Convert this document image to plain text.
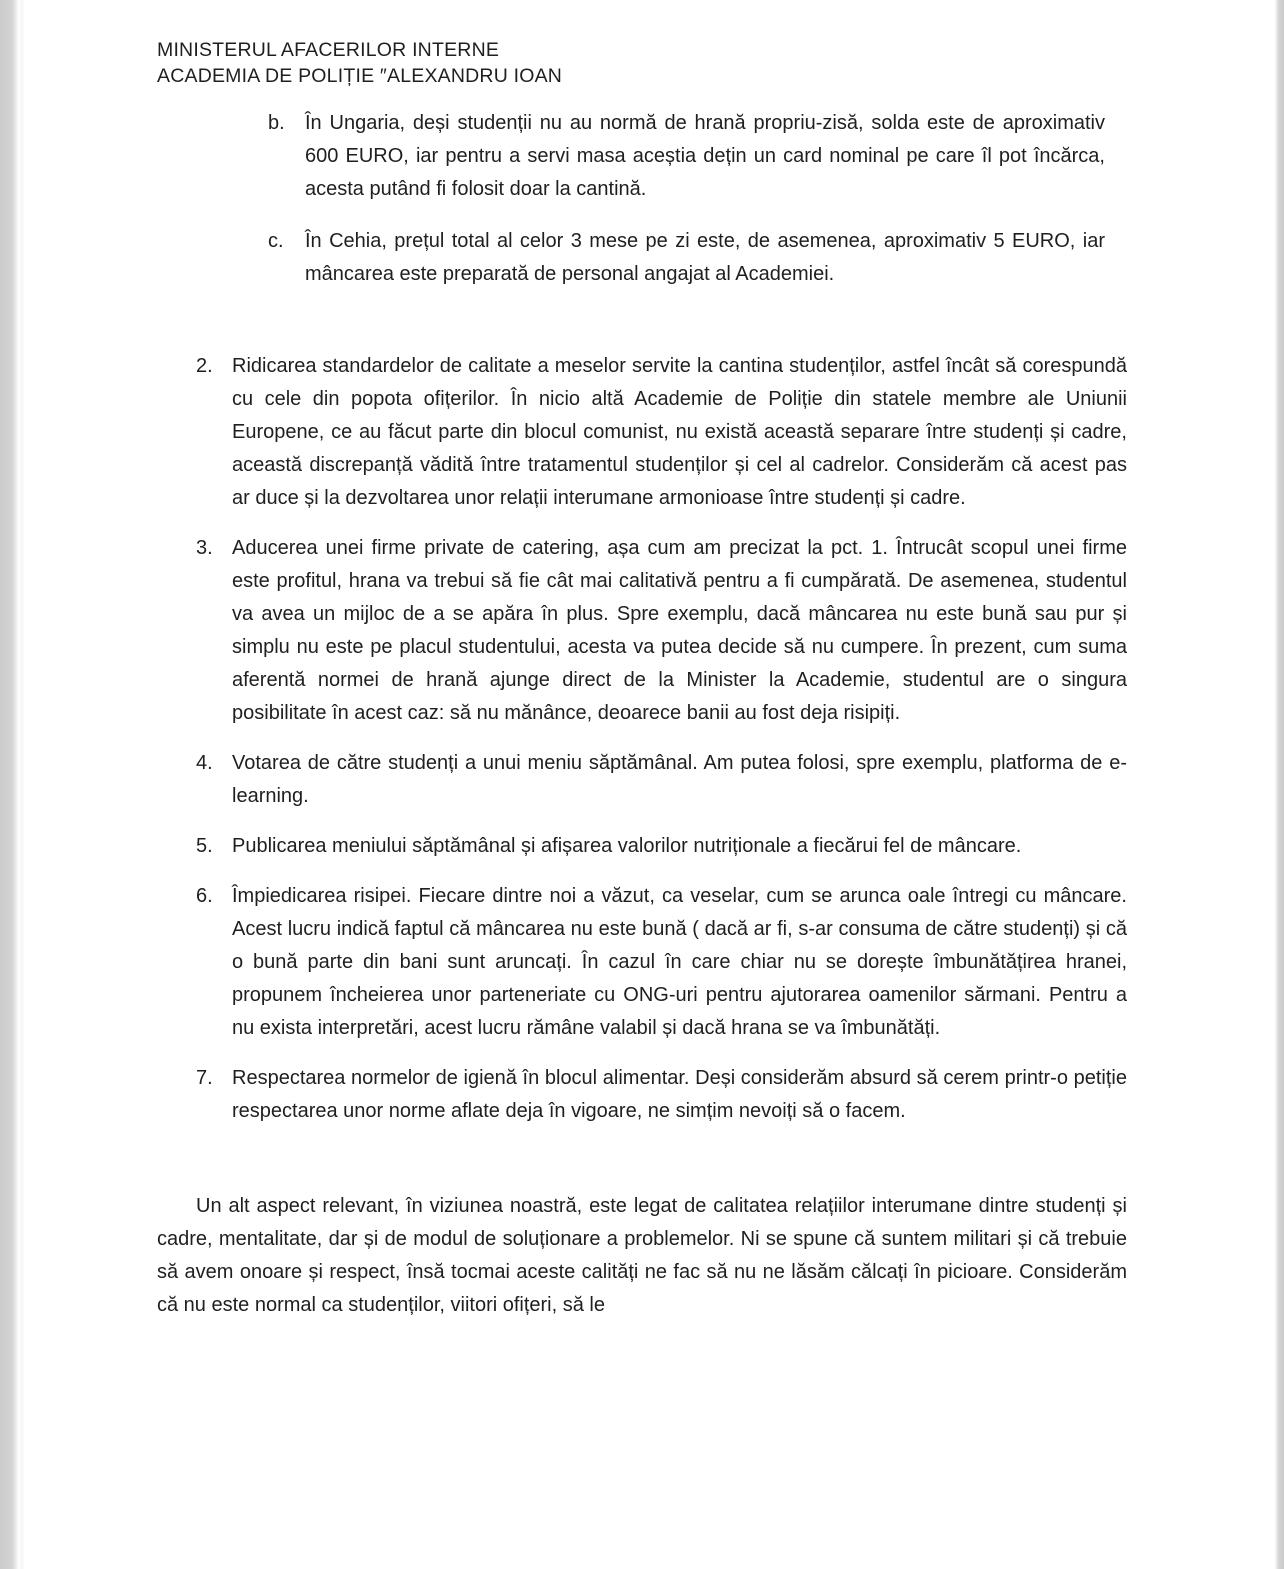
MINISTERUL AFACERILOR INTERNE
ACADEMIA DE POLIȚIE ″ALEXANDRU IOAN
b.	În Ungaria, deși studenții nu au normă de hrană propriu-zisă, solda este de aproximativ 600 EURO, iar pentru a servi masa aceștia dețin un card nominal pe care îl pot încărca, acesta putând fi folosit doar la cantină.
c.	În Cehia, prețul total al celor 3 mese pe zi este, de asemenea, aproximativ 5 EURO, iar mâncarea este preparată de personal angajat al Academiei.
2. Ridicarea standardelor de calitate a meselor servite la cantina studenților, astfel încât să corespundă cu cele din popota ofițerilor. În nicio altă Academie de Poliție din statele membre ale Uniunii Europene, ce au făcut parte din blocul comunist, nu există această separare între studenți și cadre, această discrepanță vădită între tratamentul studenților și cel al cadrelor. Considerăm că acest pas ar duce și la dezvoltarea unor relații interumane armonioase între studenți și cadre.
3. Aducerea unei firme private de catering, așa cum am precizat la pct. 1. Întrucât scopul unei firme este profitul, hrana va trebui să fie cât mai calitativă pentru a fi cumpărată. De asemenea, studentul va avea un mijloc de a se apăra în plus. Spre exemplu, dacă mâncarea nu este bună sau pur și simplu nu este pe placul studentului, acesta va putea decide să nu cumpere. În prezent, cum suma aferentă normei de hrană ajunge direct de la Minister la Academie, studentul are o singura posibilitate în acest caz: să nu mănânce, deoarece banii au fost deja risipiți.
4. Votarea de către studenți a unui meniu săptămânal. Am putea folosi, spre exemplu, platforma de e-learning.
5. Publicarea meniului săptămânal și afișarea valorilor nutriționale a fiecărui fel de mâncare.
6. Împiedicarea risipei. Fiecare dintre noi a văzut, ca veselar, cum se arunca oale întregi cu mâncare. Acest lucru indică faptul că mâncarea nu este bună ( dacă ar fi, s-ar consuma de către studenți) și că o bună parte din bani sunt aruncați. În cazul în care chiar nu se dorește îmbunătățirea hranei, propunem încheierea unor parteneriate cu ONG-uri pentru ajutorarea oamenilor sărmani. Pentru a nu exista interpretări, acest lucru rămâne valabil și dacă hrana se va îmbunătăți.
7. Respectarea normelor de igienă în blocul alimentar. Deși considerăm absurd să cerem printr-o petiție respectarea unor norme aflate deja în vigoare, ne simțim nevoiți să o facem.

Un alt aspect relevant, în viziunea noastră, este legat de calitatea relațiilor interumane dintre studenți și cadre, mentalitate, dar și de modul de soluționare a problemelor. Ni se spune că suntem militari și că trebuie să avem onoare și respect, însă tocmai aceste calități ne fac să nu ne lăsăm călcați în picioare. Considerăm că nu este normal ca studenților, viitori ofițeri, să le
